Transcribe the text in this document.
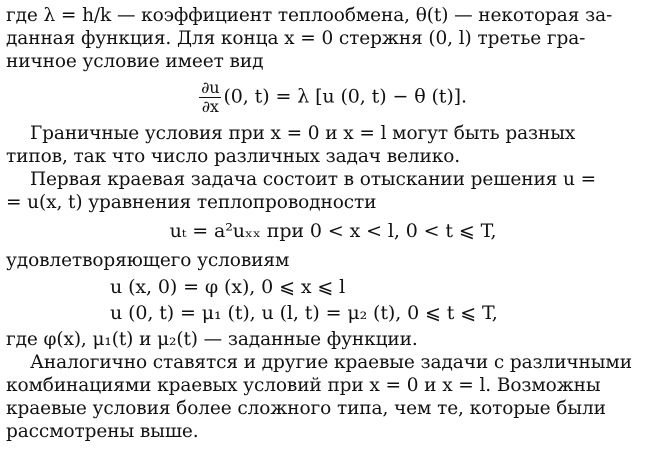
где λ = h/k — коэффициент теплообмена, θ(t) — некоторая за-
данная функция. Для конца x = 0 стержня (0, l) третье гра-
ничное условие имеет вид

$\frac{\partial u}{\partial x} (0$, t) = λ [u (0, t) − θ (t)].

Граничные условия при x = 0 и x = l могут быть разных
типов, так что число различных задач велико.

Первая краевая задача состоит в отыскании решения u =
= u(x, t) уравнения теплопроводности

uₜ = a²uₓₓ при 0 < x < l, 0 < t ⩽ T,

удовлетворяющего условиям

u (x, 0) = φ (x), 0 ⩽ x ⩽ l
u (0, t) = μ₁ (t), u (l, t) = μ₂ (t), 0 ⩽ t ⩽ T,

где φ(x), μ₁(t) и μ₂(t) — заданные функции.

Аналогично ставятся и другие краевые задачи с различными
комбинациями краевых условий при x = 0 и x = l. Возможны
краевые условия более сложного типа, чем те, которые были
рассмотрены выше.
